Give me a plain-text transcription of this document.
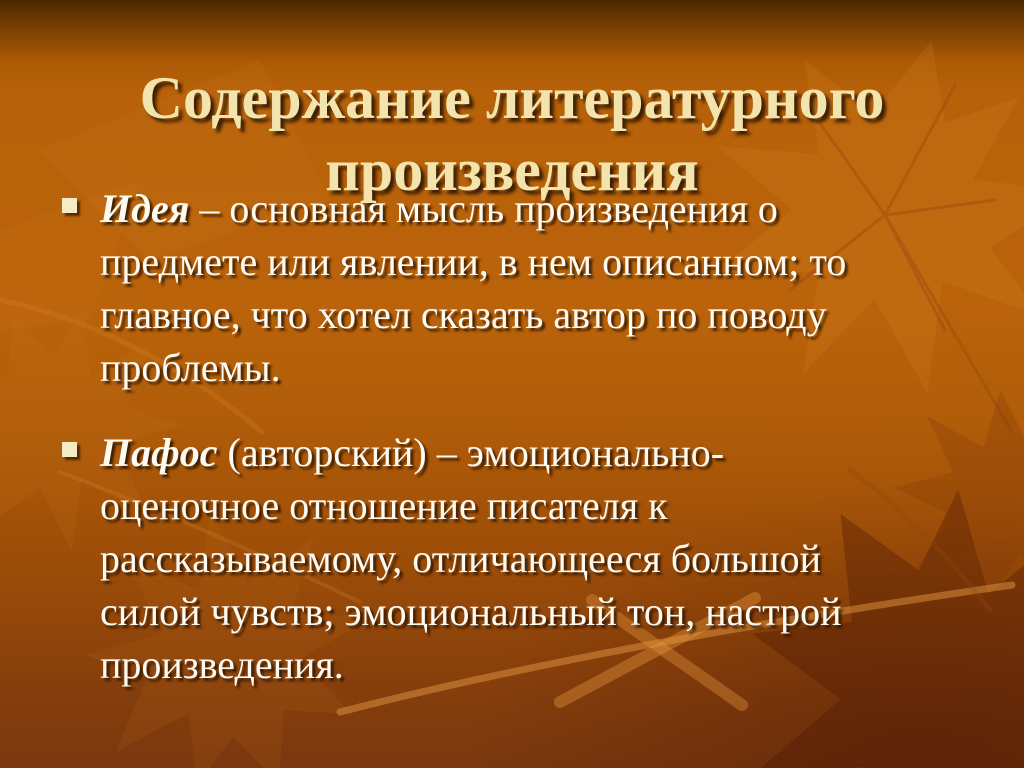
Содержание литературного
произведения
Идея – основная мысль произведения о
предмете или явлении, в нем описанном; то
главное, что хотел сказать автор по поводу
проблемы.
Пафос (авторский) – эмоционально-
оценочное отношение писателя к
рассказываемому, отличающееся большой
силой чувств; эмоциональный тон, настрой
произведения.
